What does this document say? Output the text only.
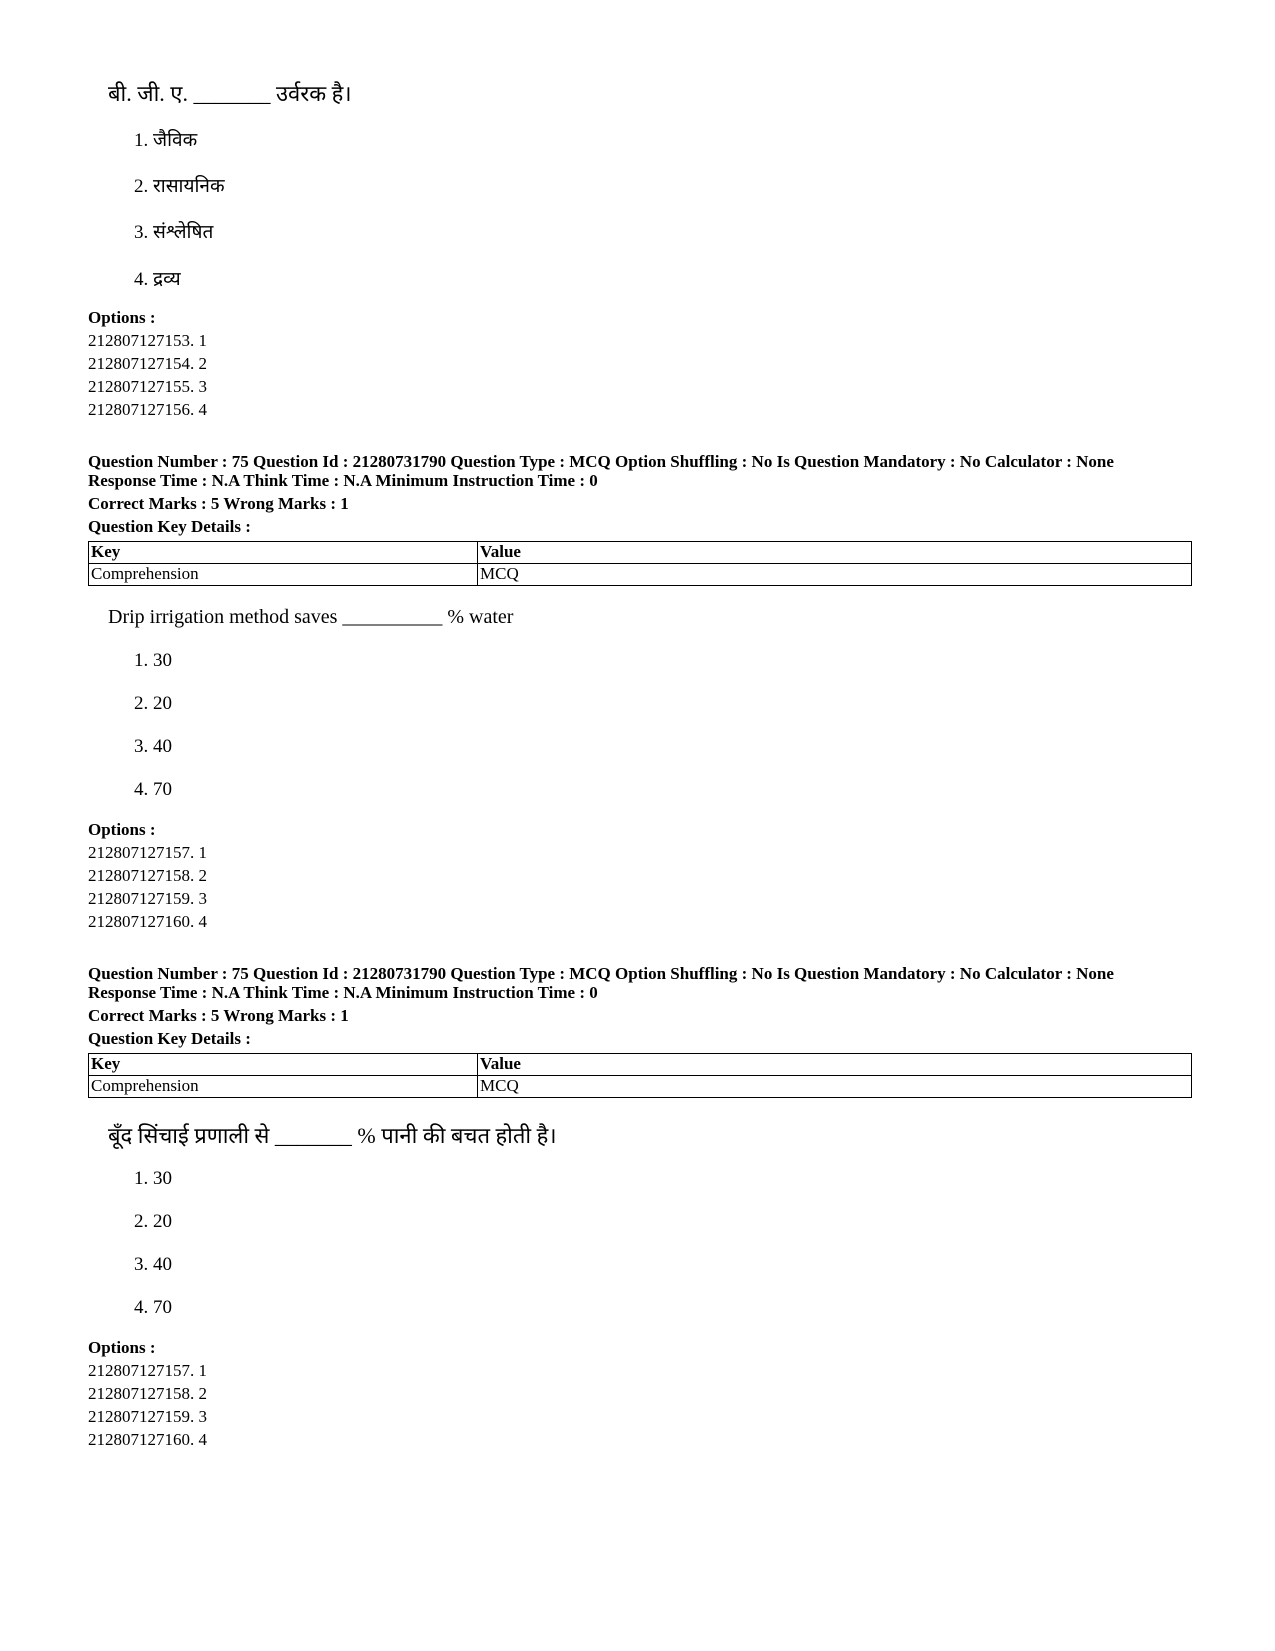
बी. जी. ए. _______ उर्वरक है।
1. जैविक
2. रासायनिक
3. संश्लेषित
4. द्रव्य
Options :
212807127153. 1
212807127154. 2
212807127155. 3
212807127156. 4
Question Number : 75 Question Id : 21280731790 Question Type : MCQ Option Shuffling : No Is Question Mandatory : No Calculator : None
Response Time : N.A Think Time : N.A Minimum Instruction Time : 0
Correct Marks : 5 Wrong Marks : 1
Question Key Details :
Key	Value
Comprehension	MCQ
Drip irrigation method saves __________ % water
1. 30
2. 20
3. 40
4. 70
Options :
212807127157. 1
212807127158. 2
212807127159. 3
212807127160. 4
Question Number : 75 Question Id : 21280731790 Question Type : MCQ Option Shuffling : No Is Question Mandatory : No Calculator : None
Response Time : N.A Think Time : N.A Minimum Instruction Time : 0
Correct Marks : 5 Wrong Marks : 1
Question Key Details :
Key	Value
Comprehension	MCQ
बूँद सिंचाई प्रणाली से _______ % पानी की बचत होती है।
1. 30
2. 20
3. 40
4. 70
Options :
212807127157. 1
212807127158. 2
212807127159. 3
212807127160. 4
